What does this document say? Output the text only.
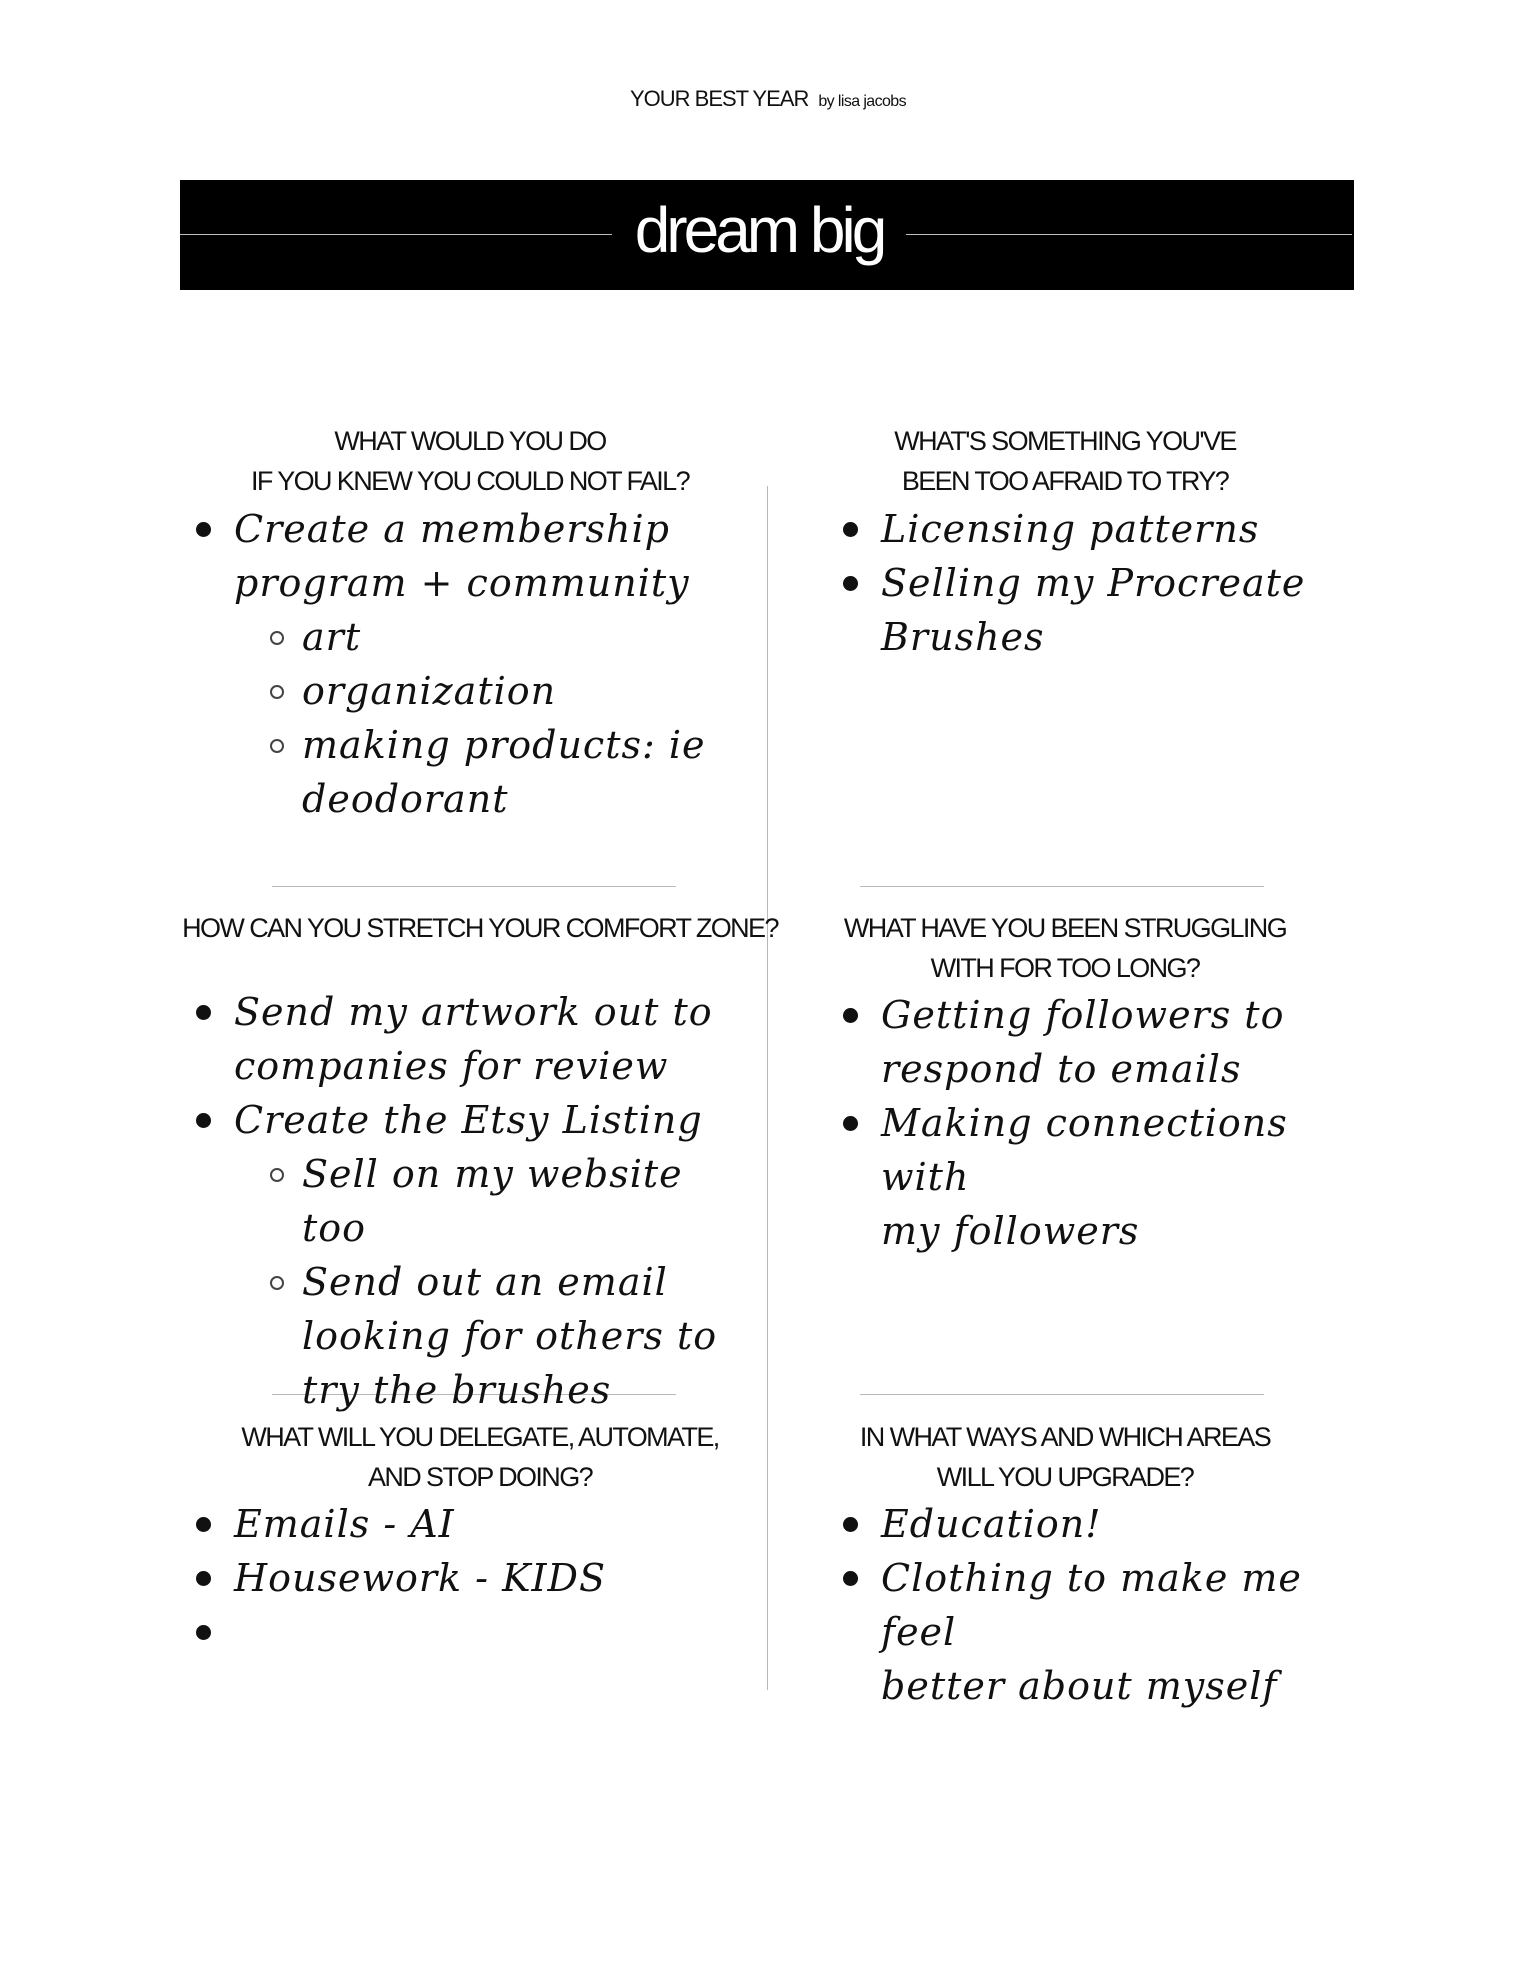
YOUR BEST YEAR by lisa jacobs
dream big
WHAT WOULD YOU DO
IF YOU KNEW YOU COULD NOT FAIL?
Create a membership
program + community
art
organization
making products: ie
deodorant
WHAT'S SOMETHING YOU'VE
BEEN TOO AFRAID TO TRY?
Licensing patterns
Selling my Procreate
Brushes
HOW CAN YOU STRETCH YOUR COMFORT ZONE?
Send my artwork out to
companies for review
Create the Etsy Listing
Sell on my website too
Send out an email
looking for others to
try the brushes
WHAT HAVE YOU BEEN STRUGGLING
WITH FOR TOO LONG?
Getting followers to
respond to emails
Making connections with
my followers
WHAT WILL YOU DELEGATE, AUTOMATE,
AND STOP DOING?
Emails - AI
Housework - KIDS
IN WHAT WAYS AND WHICH AREAS
WILL YOU UPGRADE?
Education!
Clothing to make me feel
better about myself
